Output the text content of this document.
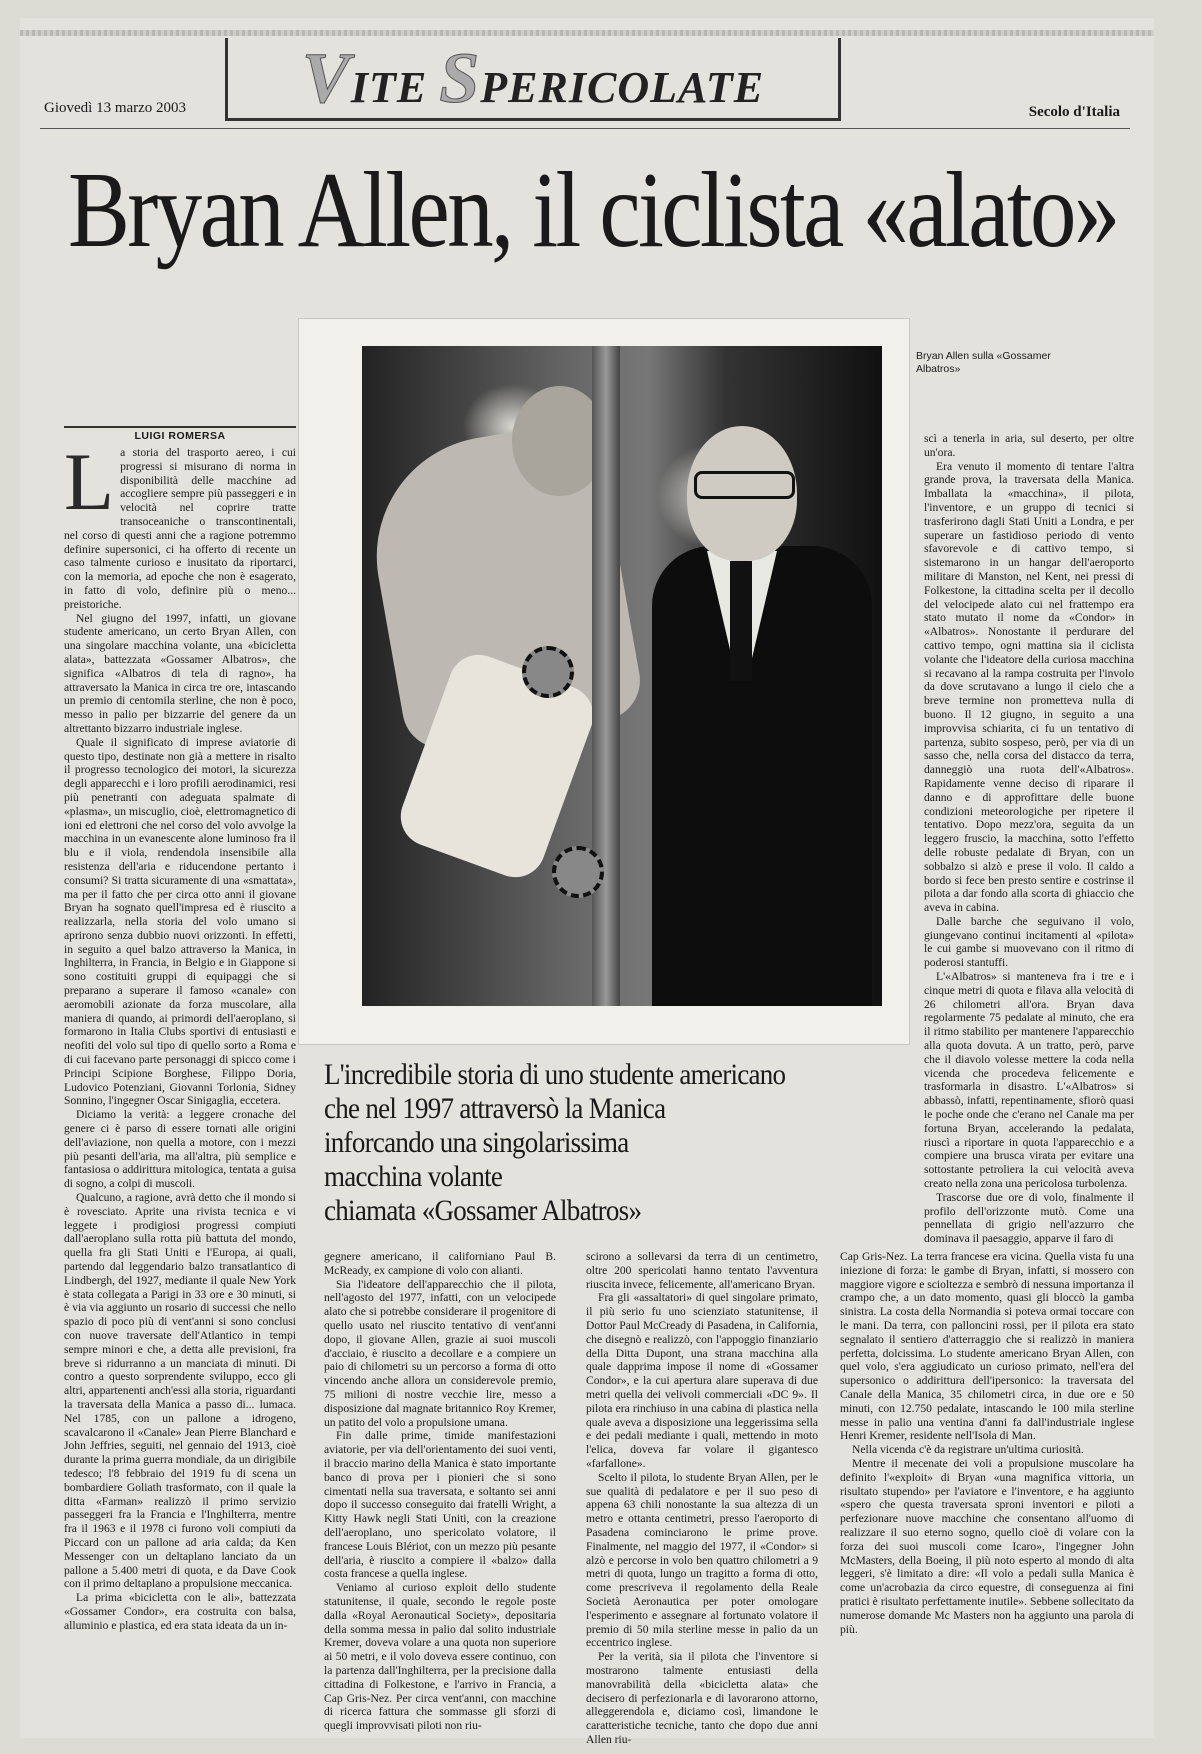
VITE SPERICOLATE
Giovedì 13 marzo 2003	Secolo d'Italia
Bryan Allen, il ciclista «alato»
Bryan Allen sulla «Gossamer Albatros»
LUIGI ROMERSA

La storia del trasporto aereo, i cui progressi si misurano di norma in disponibilità delle macchine ad accogliere sempre più passeggeri e in velocità nel coprire tratte transoceaniche o transcontinentali, nel corso di questi anni che a ragione potremmo definire supersonici, ci ha offerto di recente un caso talmente curioso e inusitato da riportarci, con la memoria, ad epoche che non è esagerato, in fatto di volo, definire più o meno... preistoriche.

Nel giugno del 1997, infatti, un giovane studente americano, un certo Bryan Allen, con una singolare macchina volante, una «bicicletta alata», battezzata «Gossamer Albatros», che significa «Albatros di tela di ragno», ha attraversato la Manica in circa tre ore, intascando un premio di centomila sterline, che non è poco, messo in palio per bizzarrie del genere da un altrettanto bizzarro industriale inglese.

Quale il significato di imprese aviatorie di questo tipo, destinate non già a mettere in risalto il progresso tecnologico dei motori, la sicurezza degli apparecchi e i loro profili aerodinamici, resi più penetranti con adeguata spalmate di «plasma», un miscuglio, cioè, elettromagnetico di ioni ed elettroni che nel corso del volo avvolge la macchina in un evanescente alone luminoso fra il blu e il viola, rendendola insensibile alla resistenza dell'aria e riducendone pertanto i consumi? Si tratta sicuramente di una «smattata», ma per il fatto che per circa otto anni il giovane Bryan ha sognato quell'impresa ed è riuscito a realizzarla, nella storia del volo umano si aprirono senza dubbio nuovi orizzonti. In effetti, in seguito a quel balzo attraverso la Manica, in Inghilterra, in Francia, in Belgio e in Giappone si sono costituiti gruppi di equipaggi che si preparano a superare il famoso «canale» con aeromobili azionate da forza muscolare, alla maniera di quando, ai primordi dell'aeroplano, si formarono in Italia Clubs sportivi di entusiasti e neofiti del volo sul tipo di quello sorto a Roma e di cui facevano parte personaggi di spicco come i Principi Scipione Borghese, Filippo Doria, Ludovico Potenziani, Giovanni Torlonia, Sidney Sonnino, l'ingegner Oscar Sinigaglia, eccetera.

Diciamo la verità: a leggere cronache del genere ci è parso di essere tornati alle origini dell'aviazione, non quella a motore, con i mezzi più pesanti dell'aria, ma all'altra, più semplice e fantasiosa o addirittura mitologica, tentata a guisa di sogno, a colpi di muscoli.

Qualcuno, a ragione, avrà detto che il mondo si è rovesciato. Aprite una rivista tecnica e vi leggete i prodigiosi progressi compiuti dall'aeroplano sulla rotta più battuta del mondo, quella fra gli Stati Uniti e l'Europa, ai quali, partendo dal leggendario balzo transatlantico di Lindbergh, del 1927, mediante il quale New York è stata collegata a Parigi in 33 ore e 30 minuti, si è via via aggiunto un rosario di successi che nello spazio di poco più di vent'anni si sono conclusi con nuove traversate dell'Atlantico in tempi sempre minori e che, a detta alle previsioni, fra breve si ridurranno a un manciata di minuti. Di contro a questo sorprendente sviluppo, ecco gli altri, appartenenti anch'essi alla storia, riguardanti la traversata della Manica a passo di... lumaca. Nel 1785, con un pallone a idrogeno, scavalcarono il «Canale» Jean Pierre Blanchard e John Jeffries, seguiti, nel gennaio del 1913, cioè durante la prima guerra mondiale, da un dirigibile tedesco; l'8 febbraio del 1919 fu di scena un bombardiere Goliath trasformato, con il quale la ditta «Farman» realizzò il primo servizio passeggeri fra la Francia e l'Inghilterra, mentre fra il 1963 e il 1978 ci furono voli compiuti da Piccard con un pallone ad aria calda; da Ken Messenger con un deltaplano lanciato da un pallone a 5.400 metri di quota, e da Dave Cook con il primo deltaplano a propulsione meccanica.

La prima «bicicletta con le ali», battezzata «Gossamer Condor», era costruita con balsa, alluminio e plastica, ed era stata ideata da un in-

L'incredibile storia di uno studente americano
che nel 1997 attraversò la Manica
inforcando una singolarissima
macchina volante
chiamata «Gossamer Albatros»

gegnere americano, il californiano Paul B. McReady, ex campione di volo con alianti.

Sia l'ideatore dell'apparecchio che il pilota, nell'agosto del 1977, infatti, con un velocipede alato che si potrebbe considerare il progenitore di quello usato nel riuscito tentativo di vent'anni dopo, il giovane Allen, grazie ai suoi muscoli d'acciaio, è riuscito a decollare e a compiere un paio di chilometri su un percorso a forma di otto vincendo anche allora un considerevole premio, 75 milioni di nostre vecchie lire, messo a disposizione dal magnate britannico Roy Kremer, un patito del volo a propulsione umana.

Fin dalle prime, timide manifestazioni aviatorie, per via dell'orientamento dei suoi venti, il braccio marino della Manica è stato importante banco di prova per i pionieri che si sono cimentati nella sua traversata, e soltanto sei anni dopo il successo conseguito dai fratelli Wright, a Kitty Hawk negli Stati Uniti, con la creazione dell'aeroplano, uno spericolato volatore, il francese Louis Blériot, con un mezzo più pesante dell'aria, è riuscito a compiere il «balzo» dalla costa francese a quella inglese.

Veniamo al curioso exploit dello studente statunitense, il quale, secondo le regole poste dalla «Royal Aeronautical Society», depositaria della somma messa in palio dal solito industriale Kremer, doveva volare a una quota non superiore ai 50 metri, e il volo doveva essere continuo, con la partenza dall'Inghilterra, per la precisione dalla cittadina di Folkestone, e l'arrivo in Francia, a Cap Gris-Nez. Per circa vent'anni, con macchine di ricerca fattura che sommasse gli sforzi di quegli improvvisati piloti non riu-

scirono a sollevarsi da terra di un centimetro, oltre 200 spericolati hanno tentato l'avventura riuscita invece, felicemente, all'americano Bryan.

Fra gli «assaltatori» di quel singolare primato, il più serio fu uno scienziato statunitense, il Dottor Paul McCready di Pasadena, in California, che disegnò e realizzò, con l'appoggio finanziario della Ditta Dupont, una strana macchina alla quale dapprima impose il nome di «Gossamer Condor», e la cui apertura alare superava di due metri quella dei velivoli commerciali «DC 9». Il pilota era rinchiuso in una cabina di plastica nella quale aveva a disposizione una leggerissima sella e dei pedali mediante i quali, mettendo in moto l'elica, doveva far volare il gigantesco «farfallone».

Scelto il pilota, lo studente Bryan Allen, per le sue qualità di pedalatore e per il suo peso di appena 63 chili nonostante la sua altezza di un metro e ottanta centimetri, presso l'aeroporto di Pasadena cominciarono le prime prove. Finalmente, nel maggio del 1977, il «Condor» si alzò e percorse in volo ben quattro chilometri a 9 metri di quota, lungo un tragitto a forma di otto, come prescriveva il regolamento della Reale Società Aeronautica per poter omologare l'esperimento e assegnare al fortunato volatore il premio di 50 mila sterline messe in palio da un eccentrico inglese.

Per la verità, sia il pilota che l'inventore si mostrarono talmente entusiasti della manovrabilità della «bicicletta alata» che decisero di perfezionarla e di lavorarono attorno, alleggerendola e, diciamo così, limandone le caratteristiche tecniche, tanto che dopo due anni Allen riu-

scì a tenerla in aria, sul deserto, per oltre un'ora.

Era venuto il momento di tentare l'altra grande prova, la traversata della Manica. Imballata la «macchina», il pilota, l'inventore, e un gruppo di tecnici si trasferirono dagli Stati Uniti a Londra, e per superare un fastidioso periodo di vento sfavorevole e di cattivo tempo, si sistemarono in un hangar dell'aeroporto militare di Manston, nel Kent, nei pressi di Folkestone, la cittadina scelta per il decollo del velocipede alato cui nel frattempo era stato mutato il nome da «Condor» in «Albatros». Nonostante il perdurare del cattivo tempo, ogni mattina sia il ciclista volante che l'ideatore della curiosa macchina si recavano al la rampa costruita per l'involo da dove scrutavano a lungo il cielo che a breve termine non prometteva nulla di buono. Il 12 giugno, in seguito a una improvvisa schiarita, ci fu un tentativo di partenza, subito sospeso, però, per via di un sasso che, nella corsa del distacco da terra, danneggiò una ruota dell'«Albatros». Rapidamente venne deciso di riparare il danno e di approfittare delle buone condizioni meteorologiche per ripetere il tentativo. Dopo mezz'ora, seguita da un leggero fruscio, la macchina, sotto l'effetto delle robuste pedalate di Bryan, con un sobbalzo si alzò e prese il volo. Il caldo a bordo si fece ben presto sentire e costrinse il pilota a dar fondo alla scorta di ghiaccio che aveva in cabina.

Dalle barche che seguivano il volo, giungevano continui incitamenti al «pilota» le cui gambe si muovevano con il ritmo di poderosi stantuffi.

L'«Albatros» si manteneva fra i tre e i cinque metri di quota e filava alla velocità di 26 chilometri all'ora. Bryan dava regolarmente 75 pedalate al minuto, che era il ritmo stabilito per mantenere l'apparecchio alla quota dovuta. A un tratto, però, parve che il diavolo volesse mettere la coda nella vicenda che procedeva felicemente e trasformarla in disastro. L'«Albatros» si abbassò, infatti, repentinamente, sfiorò quasi le poche onde che c'erano nel Canale ma per fortuna Bryan, accelerando la pedalata, riuscì a riportare in quota l'apparecchio e a compiere una brusca virata per evitare una sottostante petroliera la cui velocità aveva creato nella zona una pericolosa turbolenza.

Trascorse due ore di volo, finalmente il profilo dell'orizzonte mutò. Come una pennellata di grigio nell'azzurro che dominava il paesaggio, apparve il faro di

Cap Gris-Nez. La terra francese era vicina. Quella vista fu una iniezione di forza: le gambe di Bryan, infatti, si mossero con maggiore vigore e scioltezza e sembrò di nessuna importanza il crampo che, a un dato momento, quasi gli bloccò la gamba sinistra. La costa della Normandia si poteva ormai toccare con le mani. Da terra, con palloncini rossi, per il pilota era stato segnalato il sentiero d'atterraggio che si realizzò in maniera perfetta, dolcissima. Lo studente americano Bryan Allen, con quel volo, s'era aggiudicato un curioso primato, nell'era del supersonico o addirittura dell'ipersonico: la traversata del Canale della Manica, 35 chilometri circa, in due ore e 50 minuti, con 12.750 pedalate, intascando le 100 mila sterline messe in palio una ventina d'anni fa dall'industriale inglese Henri Kremer, residente nell'Isola di Man.

Nella vicenda c'è da registrare un'ultima curiosità.

Mentre il mecenate dei voli a propulsione muscolare ha definito l'«exploit» di Bryan «una magnifica vittoria, un risultato stupendo» per l'aviatore e l'inventore, e ha aggiunto «spero che questa traversata sproni inventori e piloti a perfezionare nuove macchine che consentano all'uomo di realizzare il suo eterno sogno, quello cioè di volare con la forza dei suoi muscoli come Icaro», l'ingegner John McMasters, della Boeing, il più noto esperto al mondo di alta leggeri, s'è limitato a dire: «Il volo a pedali sulla Manica è come un'acrobazia da circo equestre, di conseguenza ai fini pratici è risultato perfettamente inutile». Sebbene sollecitato da numerose domande Mc Masters non ha aggiunto una parola di più.
